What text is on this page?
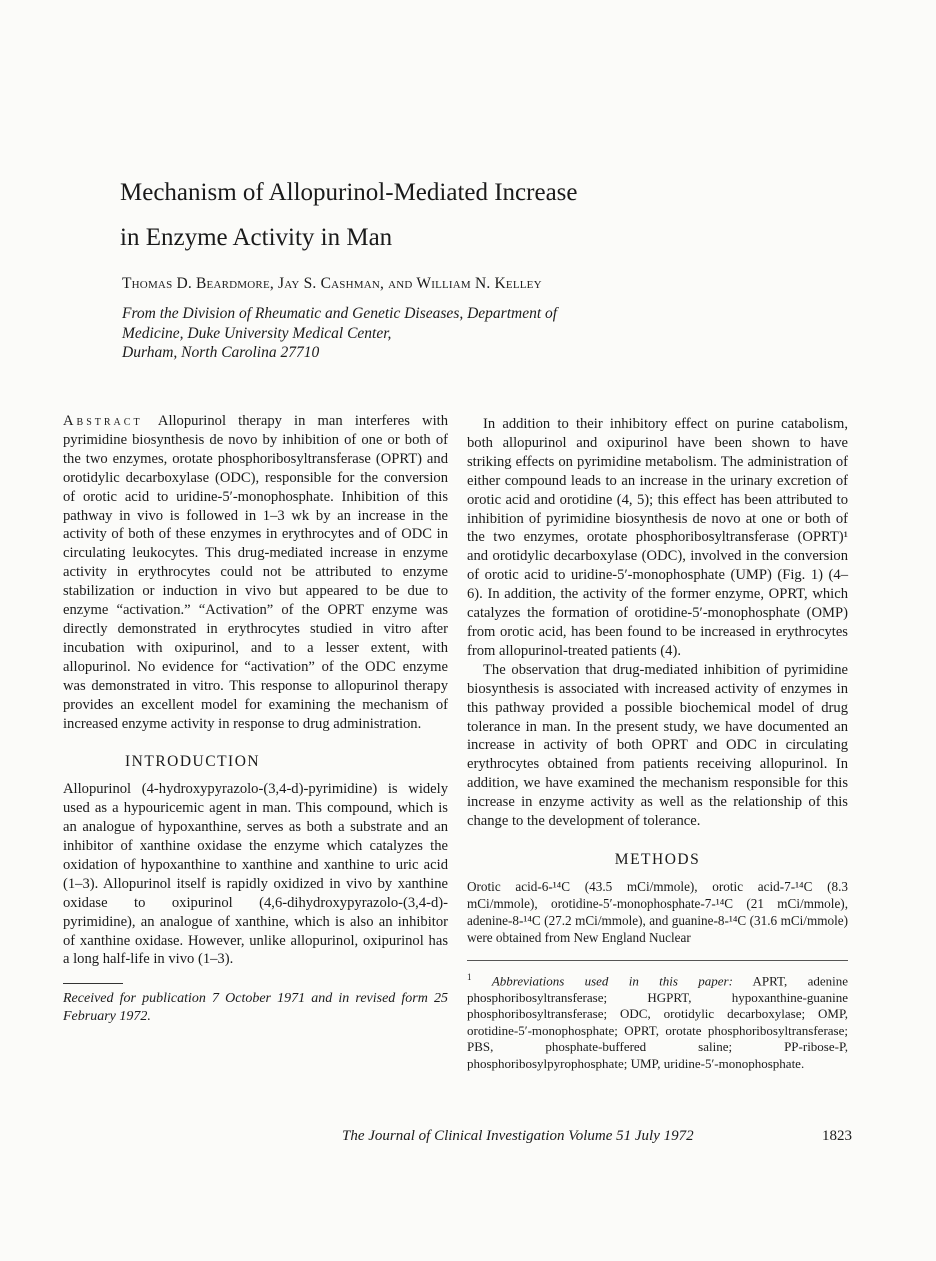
Mechanism of Allopurinol-Mediated Increase
in Enzyme Activity in Man
Thomas D. Beardmore, Jay S. Cashman, and William N. Kelley
From the Division of Rheumatic and Genetic Diseases, Department of
Medicine, Duke University Medical Center,
Durham, North Carolina 27710

Abstract Allopurinol therapy in man interferes with pyrimidine biosynthesis de novo by inhibition of one or both of the two enzymes, orotate phosphoribosyltransferase (OPRT) and orotidylic decarboxylase (ODC), responsible for the conversion of orotic acid to uridine-5′-monophosphate. Inhibition of this pathway in vivo is followed in 1–3 wk by an increase in the activity of both of these enzymes in erythrocytes and of ODC in circulating leukocytes. This drug-mediated increase in enzyme activity in erythrocytes could not be attributed to enzyme stabilization or induction in vivo but appeared to be due to enzyme “activation.” “Activation” of the OPRT enzyme was directly demonstrated in erythrocytes studied in vitro after incubation with oxipurinol, and to a lesser extent, with allopurinol. No evidence for “activation” of the ODC enzyme was demonstrated in vitro. This response to allopurinol therapy provides an excellent model for examining the mechanism of increased enzyme activity in response to drug administration.

INTRODUCTION

Allopurinol (4-hydroxypyrazolo-(3,4-d)-pyrimidine) is widely used as a hypouricemic agent in man. This compound, which is an analogue of hypoxanthine, serves as both a substrate and an inhibitor of xanthine oxidase the enzyme which catalyzes the oxidation of hypoxanthine to xanthine and xanthine to uric acid (1–3). Allopurinol itself is rapidly oxidized in vivo by xanthine oxidase to oxipurinol (4,6-dihydroxypyrazolo-(3,4-d)-pyrimidine), an analogue of xanthine, which is also an inhibitor of xanthine oxidase. However, unlike allopurinol, oxipurinol has a long half-life in vivo (1–3).

Received for publication 7 October 1971 and in revised form 25 February 1972.

In addition to their inhibitory effect on purine catabolism, both allopurinol and oxipurinol have been shown to have striking effects on pyrimidine metabolism. The administration of either compound leads to an increase in the urinary excretion of orotic acid and orotidine (4, 5); this effect has been attributed to inhibition of pyrimidine biosynthesis de novo at one or both of the two enzymes, orotate phosphoribosyltransferase (OPRT)¹ and orotidylic decarboxylase (ODC), involved in the conversion of orotic acid to uridine-5′-monophosphate (UMP) (Fig. 1) (4–6). In addition, the activity of the former enzyme, OPRT, which catalyzes the formation of orotidine-5′-monophosphate (OMP) from orotic acid, has been found to be increased in erythrocytes from allopurinol-treated patients (4).

The observation that drug-mediated inhibition of pyrimidine biosynthesis is associated with increased activity of enzymes in this pathway provided a possible biochemical model of drug tolerance in man. In the present study, we have documented an increase in activity of both OPRT and ODC in circulating erythrocytes obtained from patients receiving allopurinol. In addition, we have examined the mechanism responsible for this increase in enzyme activity as well as the relationship of this change to the development of tolerance.

METHODS

Orotic acid-6-¹⁴C (43.5 mCi/mmole), orotic acid-7-¹⁴C (8.3 mCi/mmole), orotidine-5′-monophosphate-7-¹⁴C (21 mCi/mmole), adenine-8-¹⁴C (27.2 mCi/mmole), and guanine-8-¹⁴C (31.6 mCi/mmole) were obtained from New England Nuclear

$^1$ Abbreviations used in this paper: APRT, adenine phosphoribosyltransferase; HGPRT, hypoxanthine-guanine phosphoribosyltransferase; ODC, orotidylic decarboxylase; OMP, orotidine-5′-monophosphate; OPRT, orotate phosphoribosyltransferase; PBS, phosphate-buffered saline; PP-ribose-P, phosphoribosylpyrophosphate; UMP, uridine-5′-monophosphate.
The Journal of Clinical Investigation Volume 51 July 1972	1823
